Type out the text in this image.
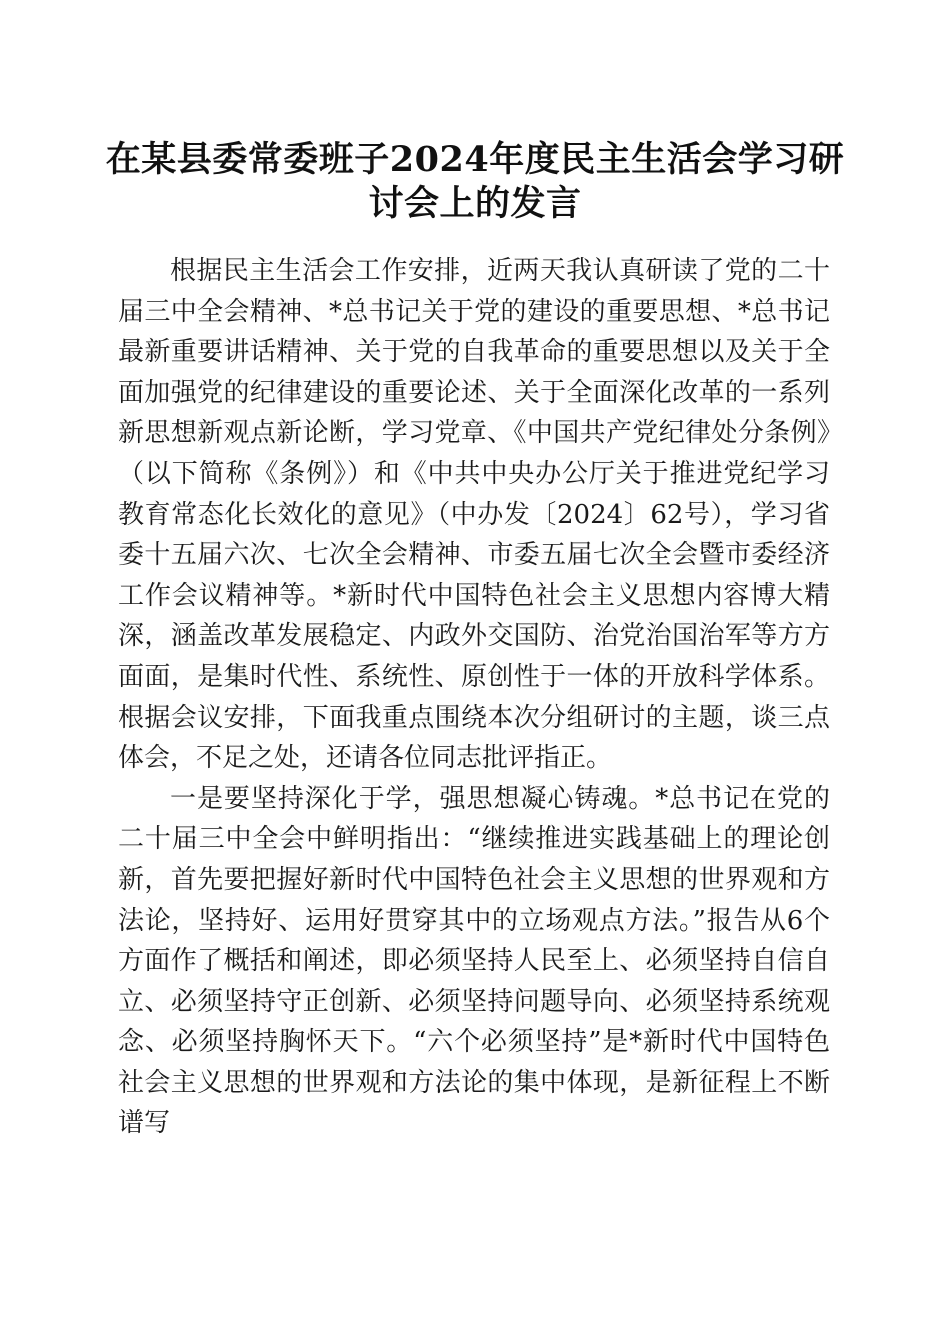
在某县委常委班子2024年度民主生活会学习研讨会上的发言

根据民主生活会工作安排，近两天我认真研读了党的二十届三中全会精神、*总书记关于党的建设的重要思想、*总书记最新重要讲话精神、关于党的自我革命的重要思想以及关于全面加强党的纪律建设的重要论述、关于全面深化改革的一系列新思想新观点新论断，学习党章、《中国共产党纪律处分条例》（以下简称《条例》）和《中共中央办公厅关于推进党纪学习教育常态化长效化的意见》（中办发〔2024〕62号），学习省委十五届六次、七次全会精神、市委五届七次全会暨市委经济工作会议精神等。*新时代中国特色社会主义思想内容博大精深，涵盖改革发展稳定、内政外交国防、治党治国治军等方方面面，是集时代性、系统性、原创性于一体的开放科学体系。根据会议安排，下面我重点围绕本次分组研讨的主题，谈三点体会，不足之处，还请各位同志批评指正。

一是要坚持深化于学，强思想凝心铸魂。*总书记在党的二十届三中全会中鲜明指出：“继续推进实践基础上的理论创新，首先要把握好新时代中国特色社会主义思想的世界观和方法论，坚持好、运用好贯穿其中的立场观点方法。”报告从6个方面作了概括和阐述，即必须坚持人民至上、必须坚持自信自立、必须坚持守正创新、必须坚持问题导向、必须坚持系统观念、必须坚持胸怀天下。“六个必须坚持”是*新时代中国特色社会主义思想的世界观和方法论的集中体现，是新征程上不断谱写
